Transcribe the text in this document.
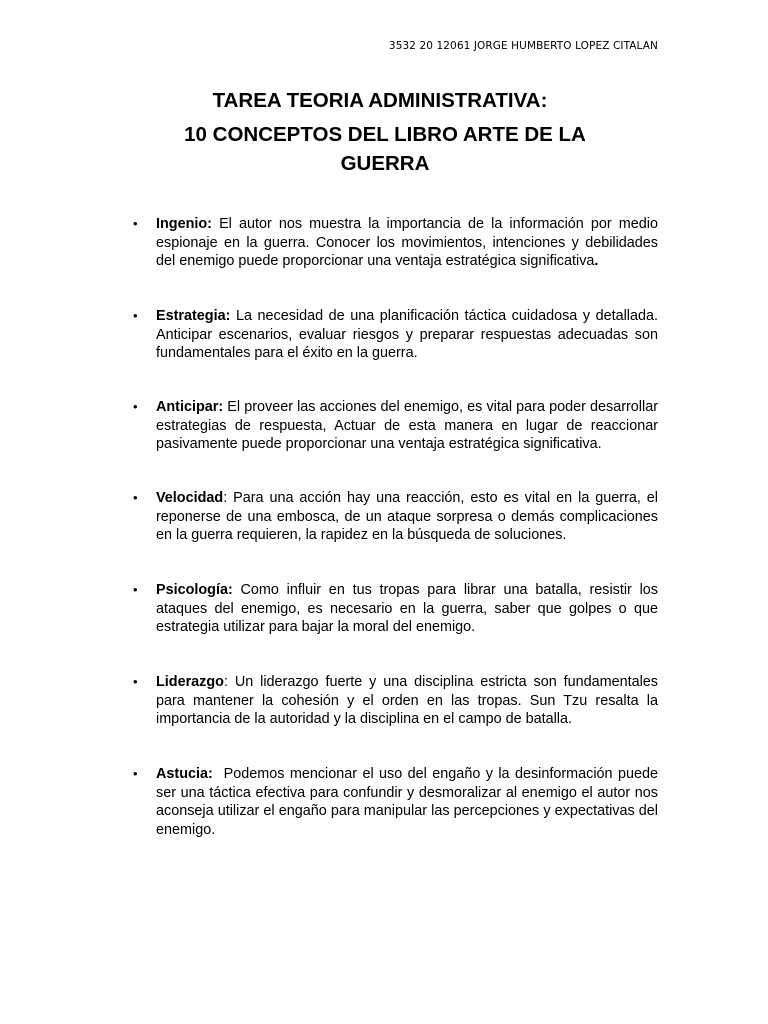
3532 20 12061 JORGE HUMBERTO LOPEZ CITALAN
TAREA TEORIA ADMINISTRATIVA:
10 CONCEPTOS DEL LIBRO ARTE DE LA
GUERRA
• Ingenio: El autor nos muestra la importancia de la información por medio espionaje en la guerra. Conocer los movimientos, intenciones y debilidades del enemigo puede proporcionar una ventaja estratégica significativa.
• Estrategia: La necesidad de una planificación táctica cuidadosa y detallada. Anticipar escenarios, evaluar riesgos y preparar respuestas adecuadas son fundamentales para el éxito en la guerra.
• Anticipar: El proveer las acciones del enemigo, es vital para poder desarrollar estrategias de respuesta, Actuar de esta manera en lugar de reaccionar pasivamente puede proporcionar una ventaja estratégica significativa.
• Velocidad: Para una acción hay una reacción, esto es vital en la guerra, el reponerse de una embosca, de un ataque sorpresa o demás complicaciones en la guerra requieren, la rapidez en la búsqueda de soluciones.
• Psicología: Como influir en tus tropas para librar una batalla, resistir los ataques del enemigo, es necesario en la guerra, saber que golpes o que estrategia utilizar para bajar la moral del enemigo.
• Liderazgo: Un liderazgo fuerte y una disciplina estricta son fundamentales para mantener la cohesión y el orden en las tropas. Sun Tzu resalta la importancia de la autoridad y la disciplina en el campo de batalla.
• Astucia:  Podemos mencionar el uso del engaño y la desinformación puede ser una táctica efectiva para confundir y desmoralizar al enemigo el autor nos aconseja utilizar el engaño para manipular las percepciones y expectativas del enemigo.
